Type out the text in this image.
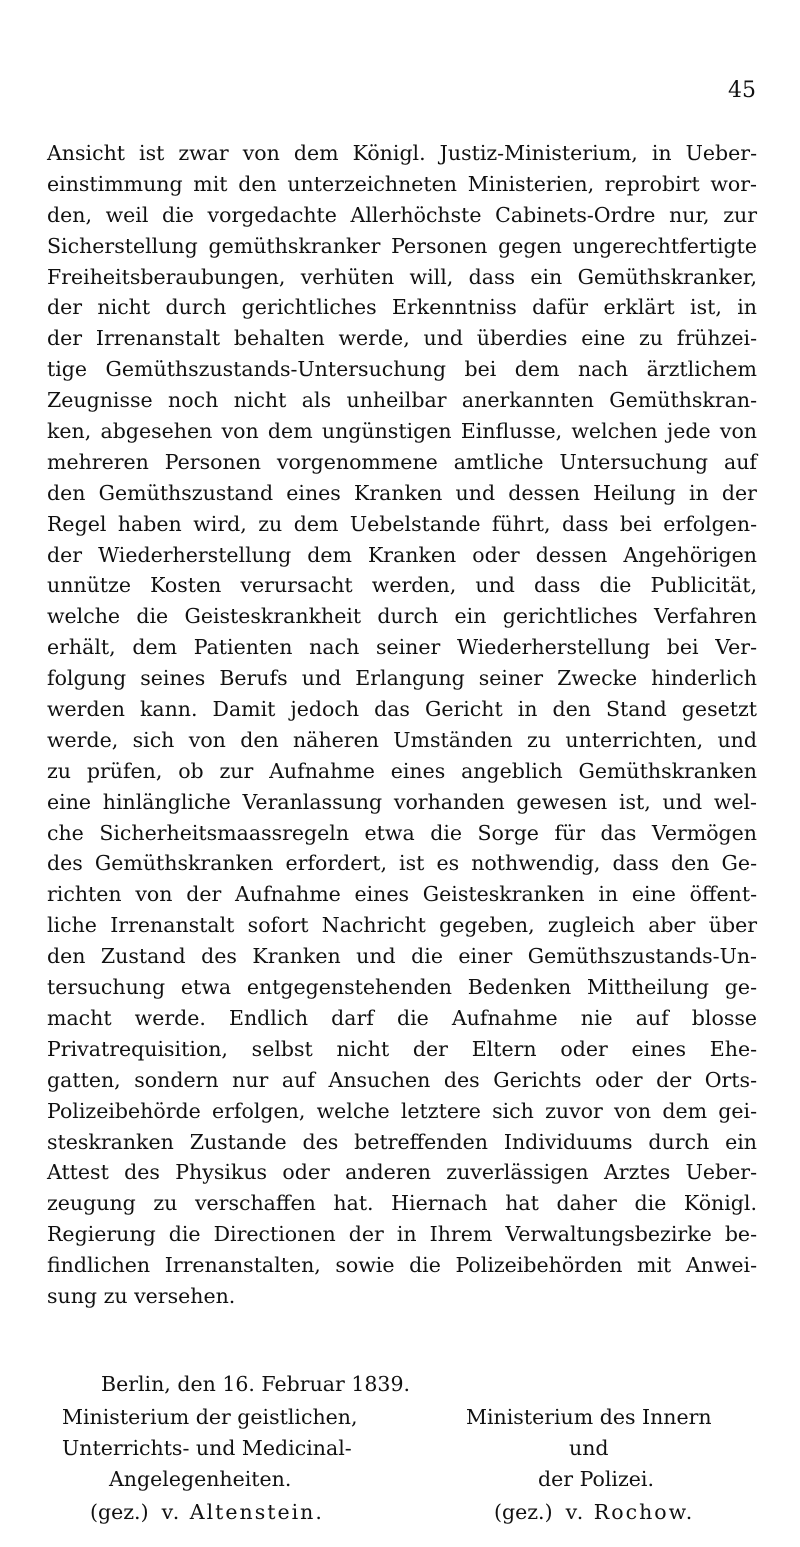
45
Ansicht ist zwar von dem Königl. Justiz-Ministerium, in Ueber-
einstimmung mit den unterzeichneten Ministerien, reprobirt wor-
den, weil die vorgedachte Allerhöchste Cabinets-Ordre nur, zur
Sicherstellung gemüthskranker Personen gegen ungerechtfertigte
Freiheitsberaubungen, verhüten will, dass ein Gemüthskranker,
der nicht durch gerichtliches Erkenntniss dafür erklärt ist, in
der Irrenanstalt behalten werde, und überdies eine zu frühzei-
tige Gemüthszustands-Untersuchung bei dem nach ärztlichem
Zeugnisse noch nicht als unheilbar anerkannten Gemüthskran-
ken, abgesehen von dem ungünstigen Einflusse, welchen jede von
mehreren Personen vorgenommene amtliche Untersuchung auf
den Gemüthszustand eines Kranken und dessen Heilung in der
Regel haben wird, zu dem Uebelstande führt, dass bei erfolgen-
der Wiederherstellung dem Kranken oder dessen Angehörigen
unnütze Kosten verursacht werden, und dass die Publicität,
welche die Geisteskrankheit durch ein gerichtliches Verfahren
erhält, dem Patienten nach seiner Wiederherstellung bei Ver-
folgung seines Berufs und Erlangung seiner Zwecke hinderlich
werden kann. Damit jedoch das Gericht in den Stand gesetzt
werde, sich von den näheren Umständen zu unterrichten, und
zu prüfen, ob zur Aufnahme eines angeblich Gemüthskranken
eine hinlängliche Veranlassung vorhanden gewesen ist, und wel-
che Sicherheitsmaassregeln etwa die Sorge für das Vermögen
des Gemüthskranken erfordert, ist es nothwendig, dass den Ge-
richten von der Aufnahme eines Geisteskranken in eine öffent-
liche Irrenanstalt sofort Nachricht gegeben, zugleich aber über
den Zustand des Kranken und die einer Gemüthszustands-Un-
tersuchung etwa entgegenstehenden Bedenken Mittheilung ge-
macht werde. Endlich darf die Aufnahme nie auf blosse
Privatrequisition, selbst nicht der Eltern oder eines Ehe-
gatten, sondern nur auf Ansuchen des Gerichts oder der Orts-
Polizeibehörde erfolgen, welche letztere sich zuvor von dem gei-
steskranken Zustande des betreffenden Individuums durch ein
Attest des Physikus oder anderen zuverlässigen Arztes Ueber-
zeugung zu verschaffen hat. Hiernach hat daher die Königl.
Regierung die Directionen der in Ihrem Verwaltungsbezirke be-
findlichen Irrenanstalten, sowie die Polizeibehörden mit Anwei-
sung zu versehen.
Berlin, den 16. Februar 1839.
Ministerium der geistlichen,
Unterrichts- und Medicinal-
Angelegenheiten.
(gez.) v. Altenstein.
Ministerium des Innern
und
der Polizei.
(gez.) v. Rochow.
